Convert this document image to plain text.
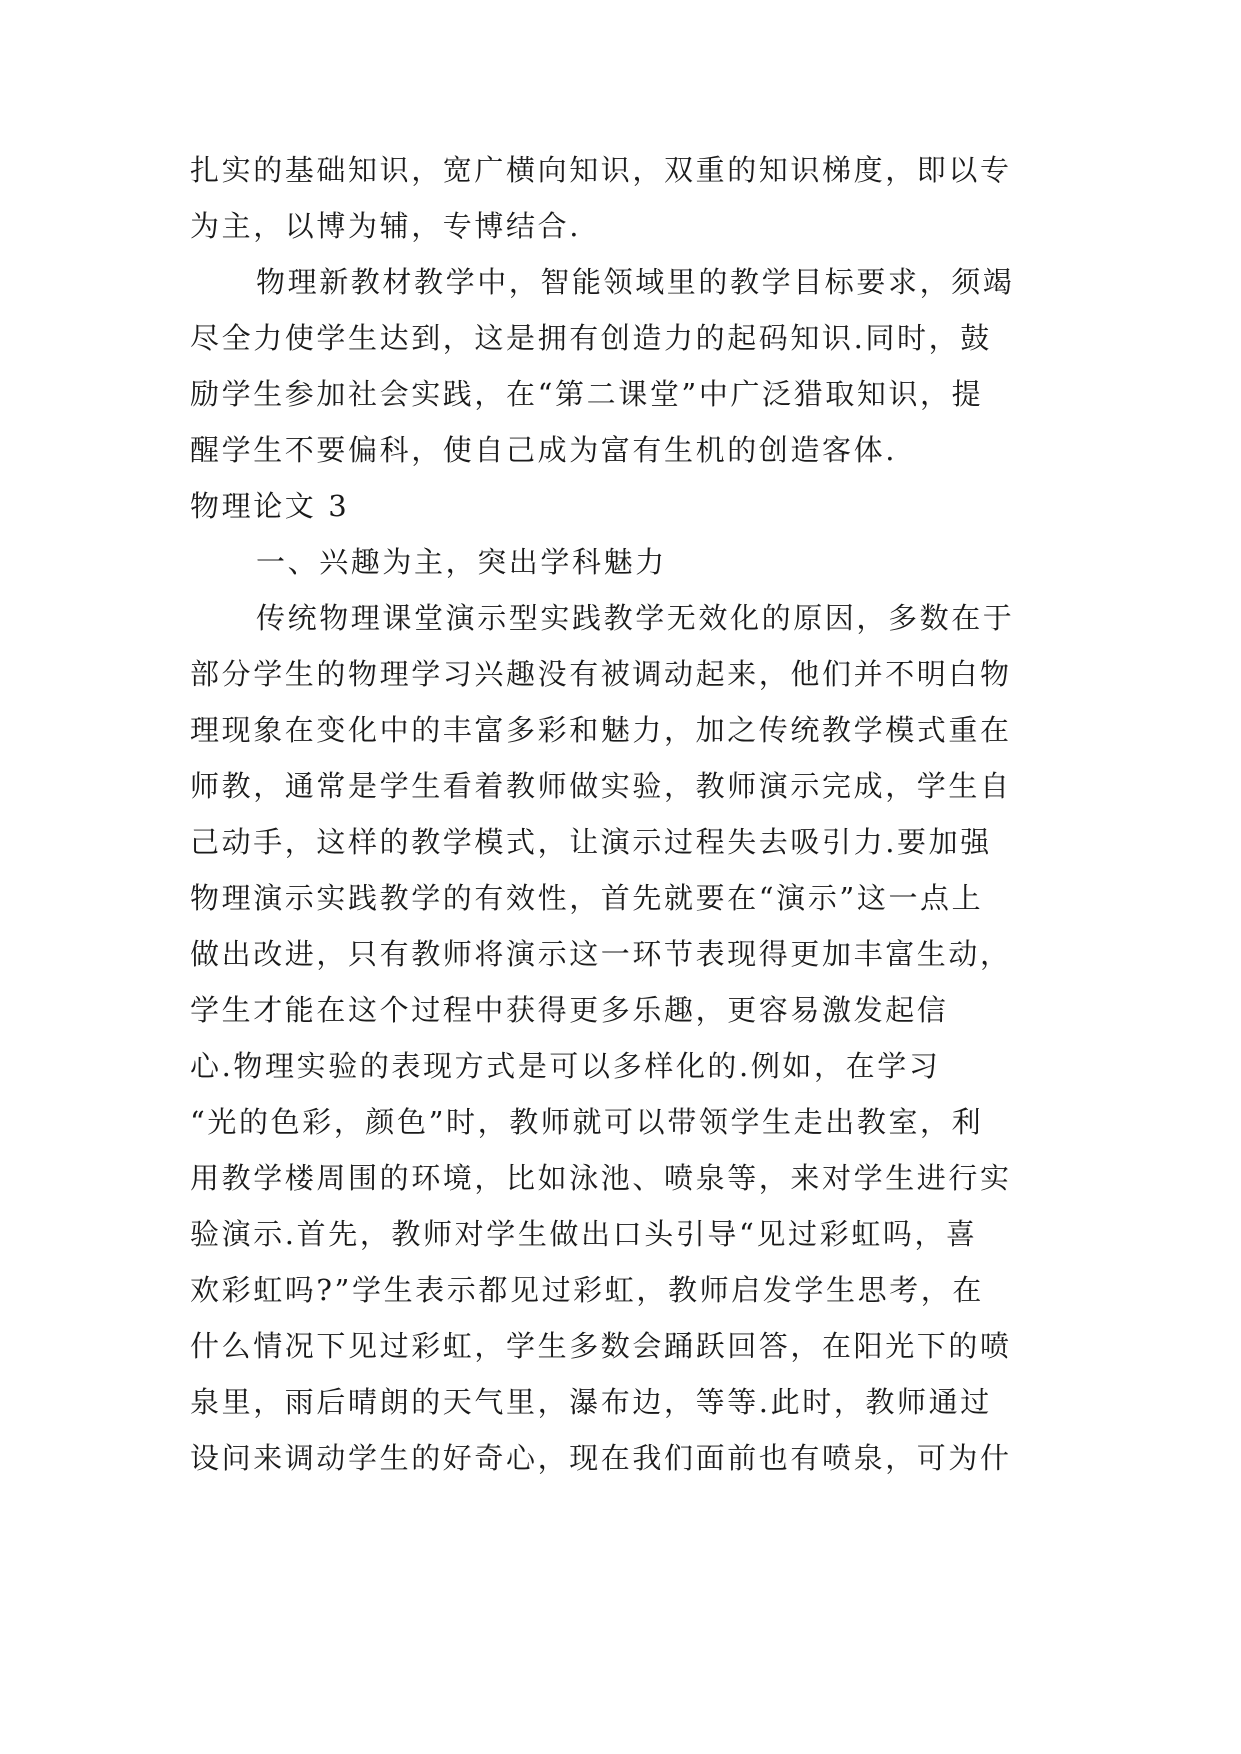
扎实的基础知识，宽广横向知识，双重的知识梯度，即以专
为主，以博为辅，专博结合.
物理新教材教学中，智能领域里的教学目标要求，须竭
尽全力使学生达到，这是拥有创造力的起码知识.同时，鼓
励学生参加社会实践，在“第二课堂”中广泛猎取知识，提
醒学生不要偏科，使自己成为富有生机的创造客体.
物理论文 3
一、兴趣为主，突出学科魅力
传统物理课堂演示型实践教学无效化的原因，多数在于
部分学生的物理学习兴趣没有被调动起来，他们并不明白物
理现象在变化中的丰富多彩和魅力，加之传统教学模式重在
师教，通常是学生看着教师做实验，教师演示完成，学生自
己动手，这样的教学模式，让演示过程失去吸引力.要加强
物理演示实践教学的有效性，首先就要在“演示”这一点上
做出改进，只有教师将演示这一环节表现得更加丰富生动，
学生才能在这个过程中获得更多乐趣，更容易激发起信
心.物理实验的表现方式是可以多样化的.例如，在学习
“光的色彩，颜色”时，教师就可以带领学生走出教室，利
用教学楼周围的环境，比如泳池、喷泉等，来对学生进行实
验演示.首先，教师对学生做出口头引导“见过彩虹吗，喜
欢彩虹吗?”学生表示都见过彩虹，教师启发学生思考，在
什么情况下见过彩虹，学生多数会踊跃回答，在阳光下的喷
泉里，雨后晴朗的天气里，瀑布边，等等.此时，教师通过
设问来调动学生的好奇心，现在我们面前也有喷泉，可为什
